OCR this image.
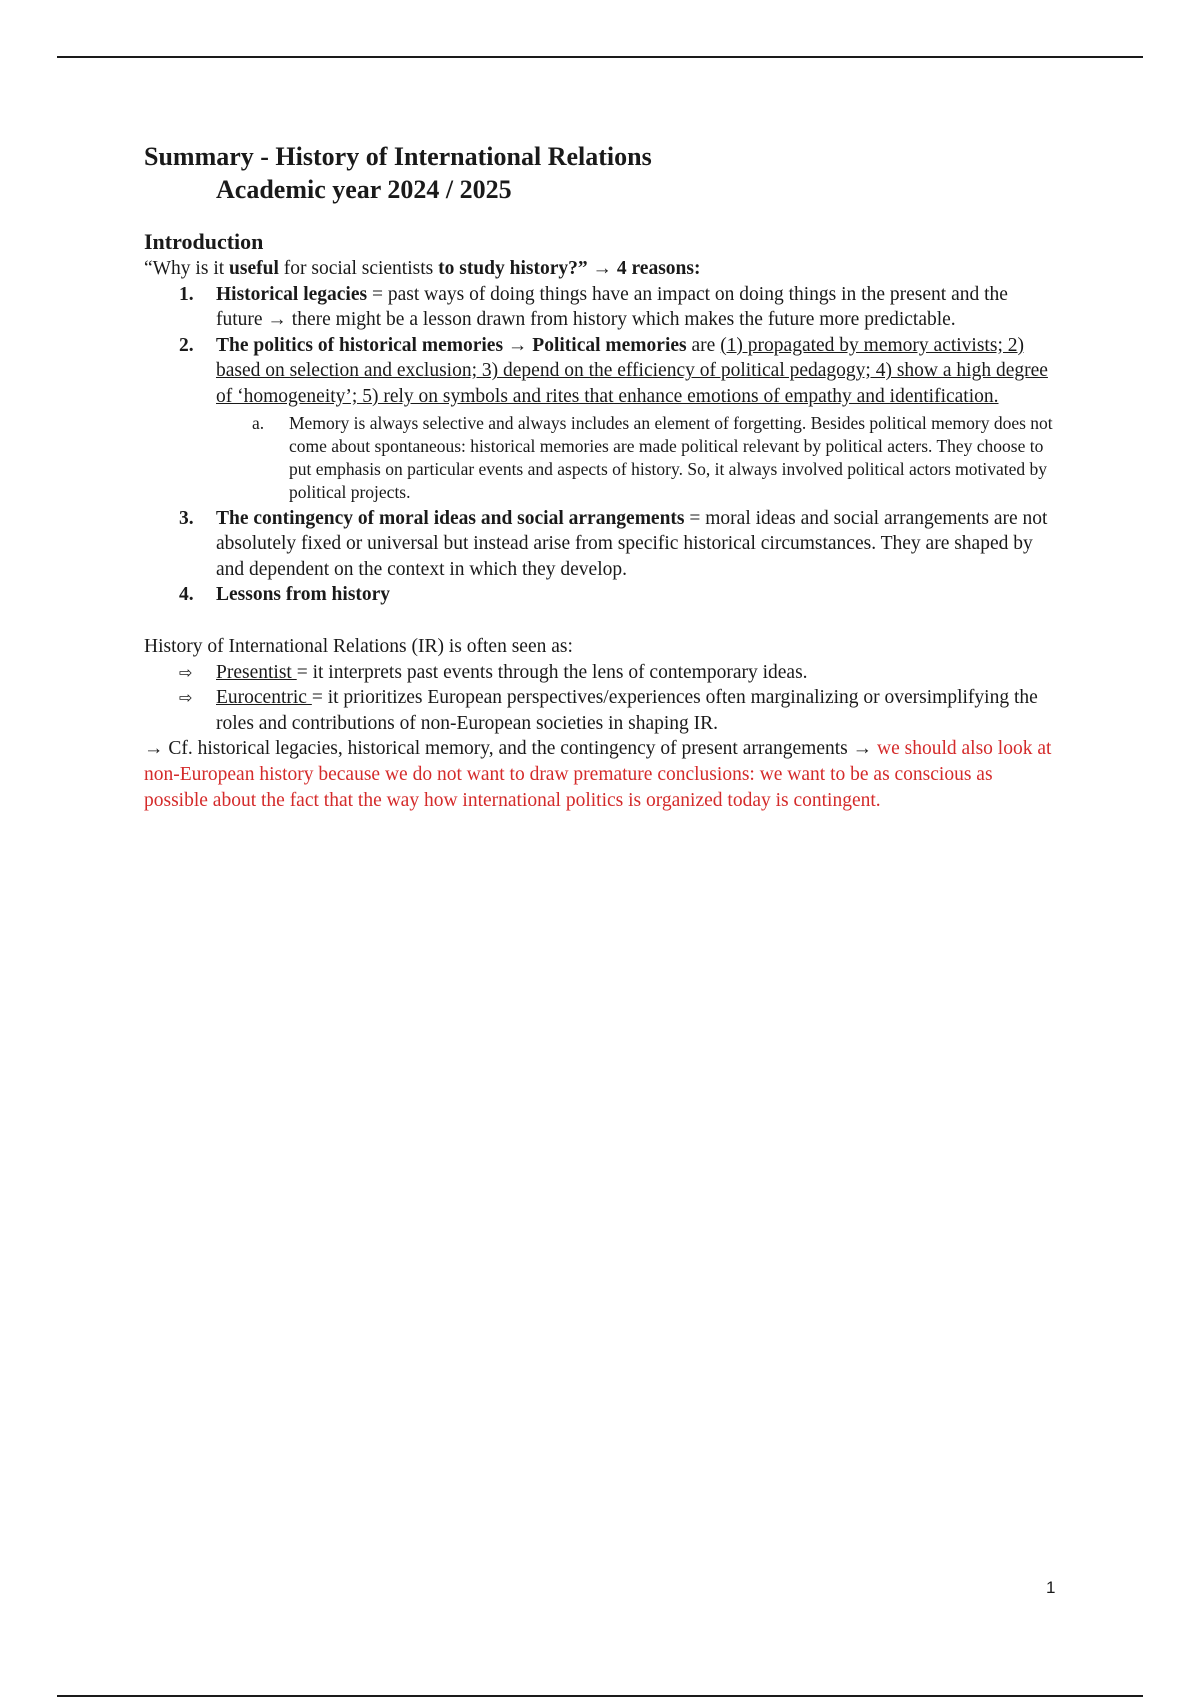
Summary - History of International Relations
Academic year 2024 / 2025
Introduction

“Why is it useful for social scientists to study history?” → 4 reasons:

1. Historical legacies = past ways of doing things have an impact on doing things in the present and the future → there might be a lesson drawn from history which makes the future more predictable.
2. The politics of historical memories → Political memories are (1) propagated by memory activists; 2) based on selection and exclusion; 3) depend on the efficiency of political pedagogy; 4) show a high degree of ‘homogeneity’; 5) rely on symbols and rites that enhance emotions of empathy and identification.
a. Memory is always selective and always includes an element of forgetting. Besides political memory does not come about spontaneous: historical memories are made political relevant by political acters. They choose to put emphasis on particular events and aspects of history. So, it always involved political actors motivated by political projects.
3. The contingency of moral ideas and social arrangements = moral ideas and social arrangements are not absolutely fixed or universal but instead arise from specific historical circumstances. They are shaped by and dependent on the context in which they develop.
4. Lessons from history

History of International Relations (IR) is often seen as:

⇨ Presentist = it interprets past events through the lens of contemporary ideas.
⇨ Eurocentric = it prioritizes European perspectives/experiences often marginalizing or oversimplifying the roles and contributions of non-European societies in shaping IR.

→ Cf. historical legacies, historical memory, and the contingency of present arrangements → we should also look at non-European history because we do not want to draw premature conclusions: we want to be as conscious as possible about the fact that the way how international politics is organized today is contingent.

1
